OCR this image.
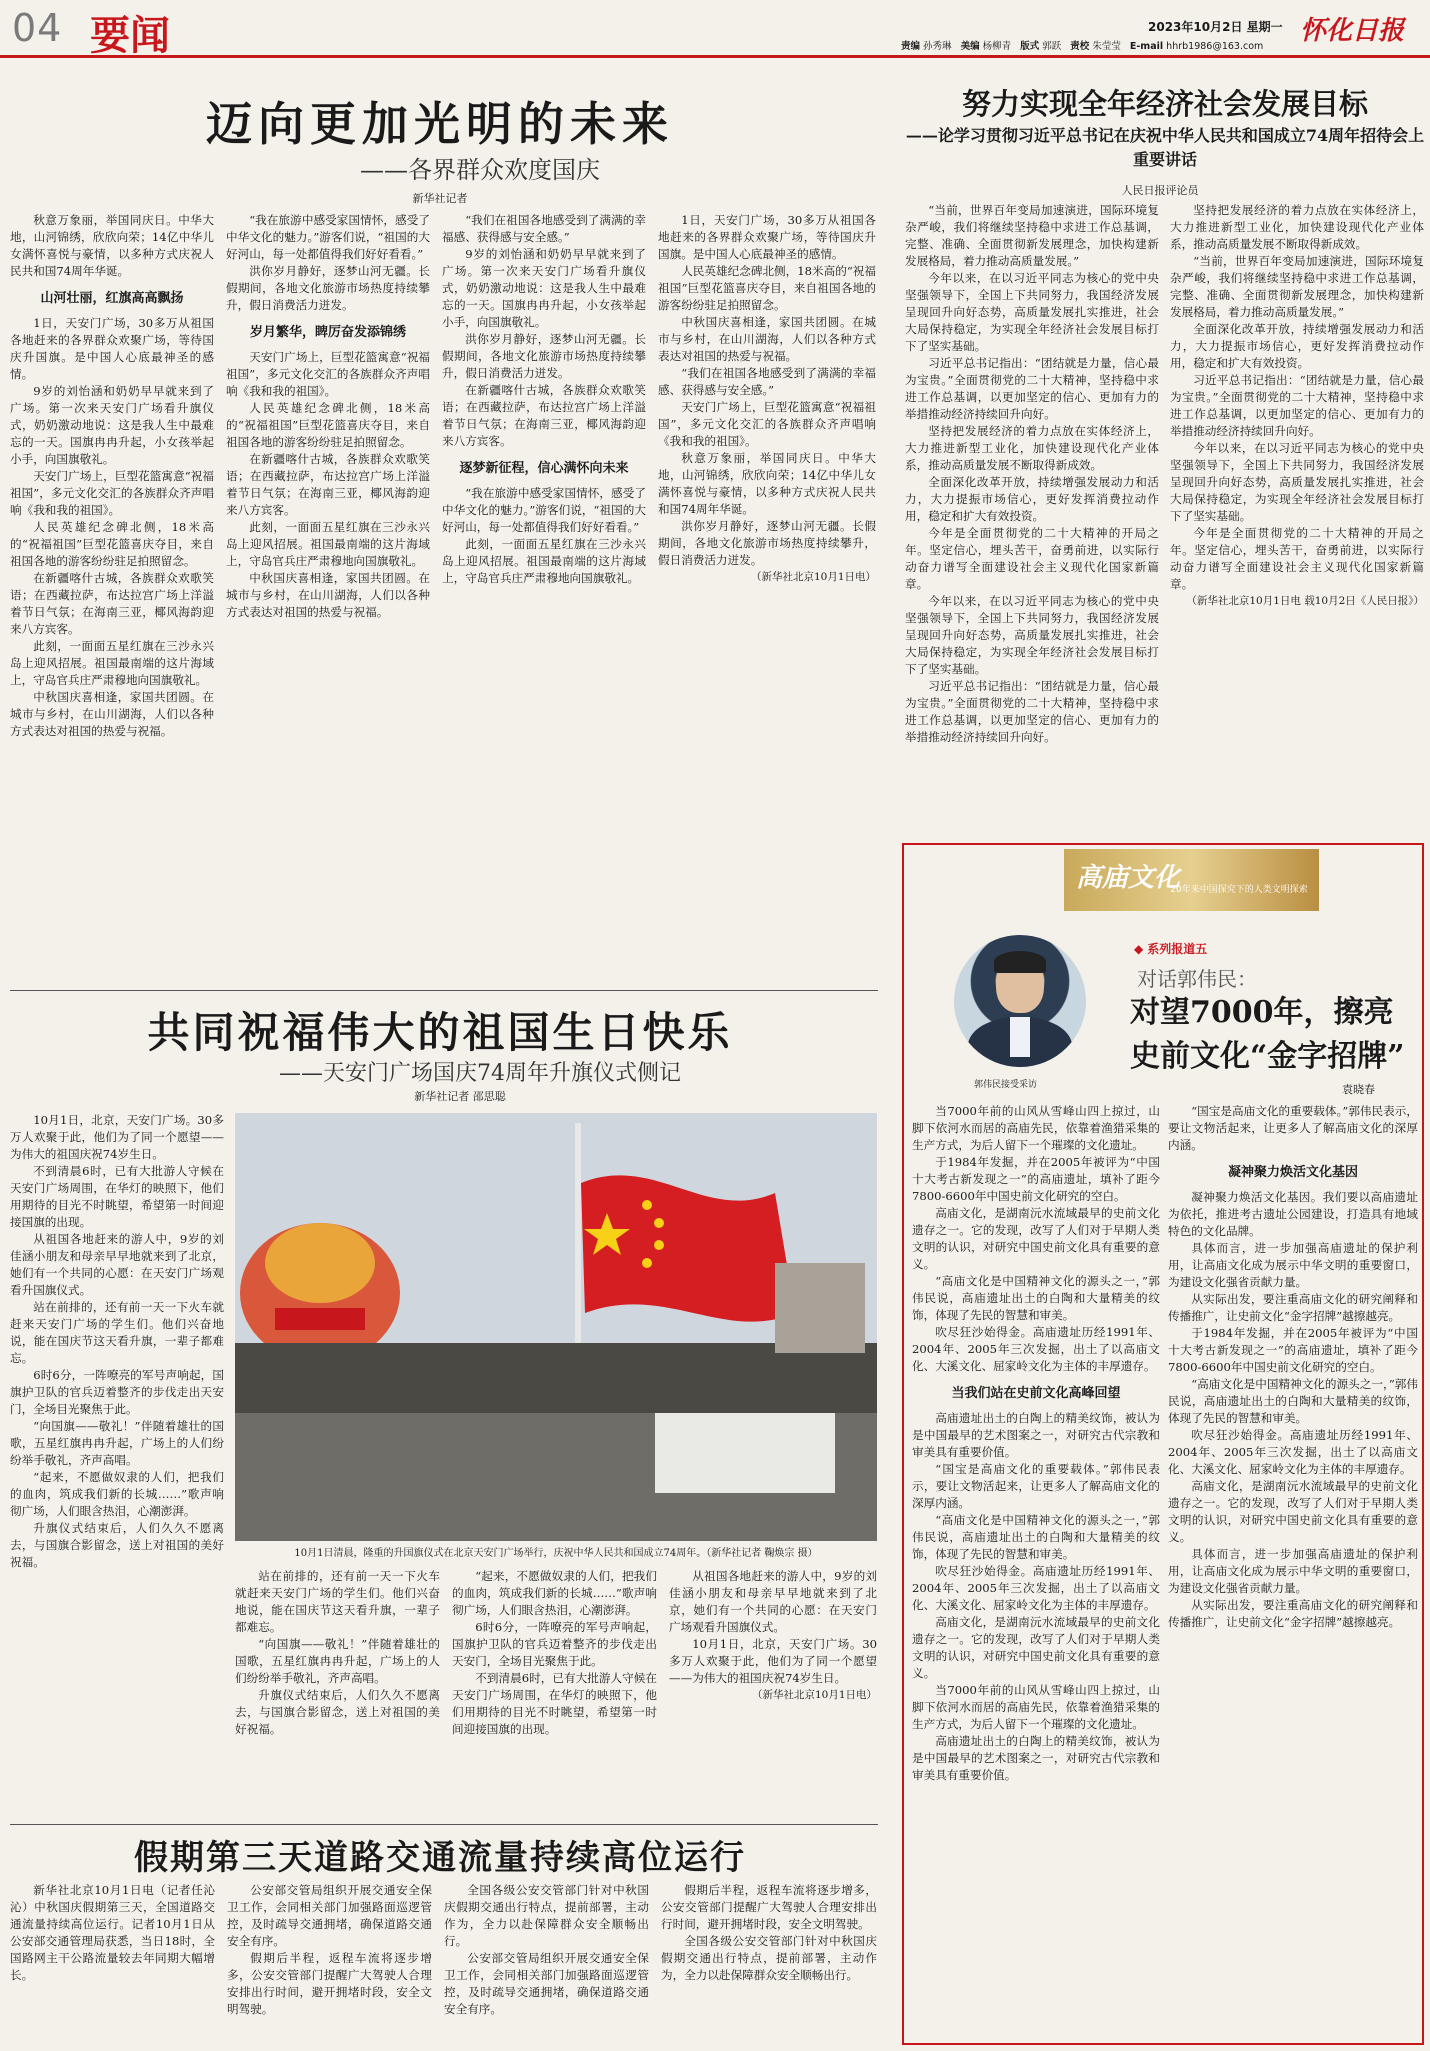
04 要闻	2023年10月2日 星期一 怀化日报
责编 孙秀琳 美编 杨柳青 版式 郭跃 责校 朱莹莹 E-mail hhrb1986@163.com
迈向更加光明的未来
——各界群众欢度国庆
新华社记者

秋意万象丽，举国同庆日。中华大地，山河锦绣，欣欣向荣；14亿中华儿女满怀喜悦与豪情，以多种方式庆祝人民共和国74周年华诞。

山河壮丽，红旗高高飘扬

1日，天安门广场，30多万从祖国各地赶来的各界群众欢聚广场，等待国庆升国旗。是中国人心底最神圣的感情。

9岁的刘怡涵和奶奶早早就来到了广场。第一次来天安门广场看升旗仪式，奶奶激动地说：这是我人生中最难忘的一天。国旗冉冉升起，小女孩举起小手，向国旗敬礼。

天安门广场上，巨型花篮寓意“祝福祖国”，多元文化交汇的各族群众齐声唱响《我和我的祖国》。

人民英雄纪念碑北侧，18米高的“祝福祖国”巨型花篮喜庆夺目，来自祖国各地的游客纷纷驻足拍照留念。

在新疆喀什古城，各族群众欢歌笑语；在西藏拉萨，布达拉宫广场上洋溢着节日气氛；在海南三亚，椰风海韵迎来八方宾客。

此刻，一面面五星红旗在三沙永兴岛上迎风招展。祖国最南端的这片海域上，守岛官兵庄严肃穆地向国旗敬礼。

中秋国庆喜相逢，家国共团圆。在城市与乡村，在山川湖海，人们以各种方式表达对祖国的热爱与祝福。

“我在旅游中感受家国情怀，感受了中华文化的魅力。”游客们说，“祖国的大好河山，每一处都值得我们好好看看。”

洪你岁月静好，逐梦山河无疆。长假期间，各地文化旅游市场热度持续攀升，假日消费活力迸发。

岁月繁华，睥厉奋发添锦绣

天安门广场上，巨型花篮寓意“祝福祖国”，多元文化交汇的各族群众齐声唱响《我和我的祖国》。

人民英雄纪念碑北侧，18米高的“祝福祖国”巨型花篮喜庆夺目，来自祖国各地的游客纷纷驻足拍照留念。

在新疆喀什古城，各族群众欢歌笑语；在西藏拉萨，布达拉宫广场上洋溢着节日气氛；在海南三亚，椰风海韵迎来八方宾客。

此刻，一面面五星红旗在三沙永兴岛上迎风招展。祖国最南端的这片海域上，守岛官兵庄严肃穆地向国旗敬礼。

中秋国庆喜相逢，家国共团圆。在城市与乡村，在山川湖海，人们以各种方式表达对祖国的热爱与祝福。

“我们在祖国各地感受到了满满的幸福感、获得感与安全感。”

9岁的刘怡涵和奶奶早早就来到了广场。第一次来天安门广场看升旗仪式，奶奶激动地说：这是我人生中最难忘的一天。国旗冉冉升起，小女孩举起小手，向国旗敬礼。

洪你岁月静好，逐梦山河无疆。长假期间，各地文化旅游市场热度持续攀升，假日消费活力迸发。

在新疆喀什古城，各族群众欢歌笑语；在西藏拉萨，布达拉宫广场上洋溢着节日气氛；在海南三亚，椰风海韵迎来八方宾客。

逐梦新征程，信心满怀向未来

“我在旅游中感受家国情怀，感受了中华文化的魅力。”游客们说，“祖国的大好河山，每一处都值得我们好好看看。”

此刻，一面面五星红旗在三沙永兴岛上迎风招展。祖国最南端的这片海域上，守岛官兵庄严肃穆地向国旗敬礼。

1日，天安门广场，30多万从祖国各地赶来的各界群众欢聚广场，等待国庆升国旗。是中国人心底最神圣的感情。

人民英雄纪念碑北侧，18米高的“祝福祖国”巨型花篮喜庆夺目，来自祖国各地的游客纷纷驻足拍照留念。

中秋国庆喜相逢，家国共团圆。在城市与乡村，在山川湖海，人们以各种方式表达对祖国的热爱与祝福。

“我们在祖国各地感受到了满满的幸福感、获得感与安全感。”

天安门广场上，巨型花篮寓意“祝福祖国”，多元文化交汇的各族群众齐声唱响《我和我的祖国》。

秋意万象丽，举国同庆日。中华大地，山河锦绣，欣欣向荣；14亿中华儿女满怀喜悦与豪情，以多种方式庆祝人民共和国74周年华诞。

洪你岁月静好，逐梦山河无疆。长假期间，各地文化旅游市场热度持续攀升，假日消费活力迸发。

（新华社北京10月1日电）
努力实现全年经济社会发展目标
——论学习贯彻习近平总书记在庆祝中华人民共和国成立74周年招待会上重要讲话
人民日报评论员

“当前，世界百年变局加速演进，国际环境复杂严峻，我们将继续坚持稳中求进工作总基调，完整、准确、全面贯彻新发展理念，加快构建新发展格局，着力推动高质量发展。”

今年以来，在以习近平同志为核心的党中央坚强领导下，全国上下共同努力，我国经济发展呈现回升向好态势，高质量发展扎实推进，社会大局保持稳定，为实现全年经济社会发展目标打下了坚实基础。

习近平总书记指出：“团结就是力量，信心最为宝贵。”全面贯彻党的二十大精神，坚持稳中求进工作总基调，以更加坚定的信心、更加有力的举措推动经济持续回升向好。

坚持把发展经济的着力点放在实体经济上，大力推进新型工业化，加快建设现代化产业体系，推动高质量发展不断取得新成效。

全面深化改革开放，持续增强发展动力和活力，大力提振市场信心，更好发挥消费拉动作用，稳定和扩大有效投资。

今年是全面贯彻党的二十大精神的开局之年。坚定信心，埋头苦干，奋勇前进，以实际行动奋力谱写全面建设社会主义现代化国家新篇章。

今年以来，在以习近平同志为核心的党中央坚强领导下，全国上下共同努力，我国经济发展呈现回升向好态势，高质量发展扎实推进，社会大局保持稳定，为实现全年经济社会发展目标打下了坚实基础。

习近平总书记指出：“团结就是力量，信心最为宝贵。”全面贯彻党的二十大精神，坚持稳中求进工作总基调，以更加坚定的信心、更加有力的举措推动经济持续回升向好。

坚持把发展经济的着力点放在实体经济上，大力推进新型工业化，加快建设现代化产业体系，推动高质量发展不断取得新成效。

“当前，世界百年变局加速演进，国际环境复杂严峻，我们将继续坚持稳中求进工作总基调，完整、准确、全面贯彻新发展理念，加快构建新发展格局，着力推动高质量发展。”

全面深化改革开放，持续增强发展动力和活力，大力提振市场信心，更好发挥消费拉动作用，稳定和扩大有效投资。

习近平总书记指出：“团结就是力量，信心最为宝贵。”全面贯彻党的二十大精神，坚持稳中求进工作总基调，以更加坚定的信心、更加有力的举措推动经济持续回升向好。

今年以来，在以习近平同志为核心的党中央坚强领导下，全国上下共同努力，我国经济发展呈现回升向好态势，高质量发展扎实推进，社会大局保持稳定，为实现全年经济社会发展目标打下了坚实基础。

今年是全面贯彻党的二十大精神的开局之年。坚定信心，埋头苦干，奋勇前进，以实际行动奋力谱写全面建设社会主义现代化国家新篇章。

（新华社北京10月1日电 载10月2日《人民日报》）
共同祝福伟大的祖国生日快乐
——天安门广场国庆74周年升旗仪式侧记
新华社记者 邵思聪

10月1日，北京，天安门广场。30多万人欢聚于此，他们为了同一个愿望——为伟大的祖国庆祝74岁生日。

不到清晨6时，已有大批游人守候在天安门广场周围，在华灯的映照下，他们用期待的目光不时眺望，希望第一时间迎接国旗的出现。

从祖国各地赶来的游人中，9岁的刘佳涵小朋友和母亲早早地就来到了北京，她们有一个共同的心愿：在天安门广场观看升国旗仪式。

站在前排的，还有前一天一下火车就赶来天安门广场的学生们。他们兴奋地说，能在国庆节这天看升旗，一辈子都难忘。

6时6分，一阵嘹亮的军号声响起，国旗护卫队的官兵迈着整齐的步伐走出天安门，全场目光聚焦于此。

“向国旗——敬礼！”伴随着雄壮的国歌，五星红旗冉冉升起，广场上的人们纷纷举手敬礼，齐声高唱。

“起来，不愿做奴隶的人们，把我们的血肉，筑成我们新的长城……”歌声响彻广场，人们眼含热泪，心潮澎湃。

升旗仪式结束后，人们久久不愿离去，与国旗合影留念，送上对祖国的美好祝福。

10月1日清晨，隆重的升国旗仪式在北京天安门广场举行，庆祝中华人民共和国成立74周年。（新华社记者 鞠焕宗 摄）

站在前排的，还有前一天一下火车就赶来天安门广场的学生们。他们兴奋地说，能在国庆节这天看升旗，一辈子都难忘。

“向国旗——敬礼！”伴随着雄壮的国歌，五星红旗冉冉升起，广场上的人们纷纷举手敬礼，齐声高唱。

升旗仪式结束后，人们久久不愿离去，与国旗合影留念，送上对祖国的美好祝福。

“起来，不愿做奴隶的人们，把我们的血肉，筑成我们新的长城……”歌声响彻广场，人们眼含热泪，心潮澎湃。

6时6分，一阵嘹亮的军号声响起，国旗护卫队的官兵迈着整齐的步伐走出天安门，全场目光聚焦于此。

不到清晨6时，已有大批游人守候在天安门广场周围，在华灯的映照下，他们用期待的目光不时眺望，希望第一时间迎接国旗的出现。

从祖国各地赶来的游人中，9岁的刘佳涵小朋友和母亲早早地就来到了北京，她们有一个共同的心愿：在天安门广场观看升国旗仪式。

10月1日，北京，天安门广场。30多万人欢聚于此，他们为了同一个愿望——为伟大的祖国庆祝74岁生日。

（新华社北京10月1日电）
假期第三天道路交通流量持续高位运行

新华社北京10月1日电（记者任沁沁）中秋国庆假期第三天，全国道路交通流量持续高位运行。记者10月1日从公安部交通管理局获悉，当日18时，全国路网主干公路流量较去年同期大幅增长。

公安部交管局组织开展交通安全保卫工作，会同相关部门加强路面巡逻管控，及时疏导交通拥堵，确保道路交通安全有序。

假期后半程，返程车流将逐步增多，公安交管部门提醒广大驾驶人合理安排出行时间，避开拥堵时段，安全文明驾驶。

全国各级公安交管部门针对中秋国庆假期交通出行特点，提前部署，主动作为，全力以赴保障群众安全顺畅出行。

公安部交管局组织开展交通安全保卫工作，会同相关部门加强路面巡逻管控，及时疏导交通拥堵，确保道路交通安全有序。

假期后半程，返程车流将逐步增多，公安交管部门提醒广大驾驶人合理安排出行时间，避开拥堵时段，安全文明驾驶。

全国各级公安交管部门针对中秋国庆假期交通出行特点，提前部署，主动作为，全力以赴保障群众安全顺畅出行。

高庙文化
20年来中国探究下的人类文明探索
郭伟民接受采访
◆ 系列报道五
对话郭伟民：
对望7000年，擦亮
史前文化“金字招牌”
袁晓春

当7000年前的山风从雪峰山四上掠过，山脚下依河水而居的高庙先民，依靠着渔猎采集的生产方式，为后人留下一个璀璨的文化遗址。

于1984年发掘，并在2005年被评为“中国十大考古新发现之一”的高庙遗址，填补了距今7800-6600年中国史前文化研究的空白。

高庙文化，是湖南沅水流域最早的史前文化遗存之一。它的发现，改写了人们对于早期人类文明的认识，对研究中国史前文化具有重要的意义。

“高庙文化是中国精神文化的源头之一，”郭伟民说，高庙遗址出土的白陶和大量精美的纹饰，体现了先民的智慧和审美。

吹尽狂沙始得金。高庙遗址历经1991年、2004年、2005年三次发掘，出土了以高庙文化、大溪文化、屈家岭文化为主体的丰厚遗存。

当我们站在史前文化高峰回望

高庙遗址出土的白陶上的精美纹饰，被认为是中国最早的艺术图案之一，对研究古代宗教和审美具有重要价值。

“国宝是高庙文化的重要载体。”郭伟民表示，要让文物活起来，让更多人了解高庙文化的深厚内涵。

“高庙文化是中国精神文化的源头之一，”郭伟民说，高庙遗址出土的白陶和大量精美的纹饰，体现了先民的智慧和审美。

吹尽狂沙始得金。高庙遗址历经1991年、2004年、2005年三次发掘，出土了以高庙文化、大溪文化、屈家岭文化为主体的丰厚遗存。

高庙文化，是湖南沅水流域最早的史前文化遗存之一。它的发现，改写了人们对于早期人类文明的认识，对研究中国史前文化具有重要的意义。

当7000年前的山风从雪峰山四上掠过，山脚下依河水而居的高庙先民，依靠着渔猎采集的生产方式，为后人留下一个璀璨的文化遗址。

高庙遗址出土的白陶上的精美纹饰，被认为是中国最早的艺术图案之一，对研究古代宗教和审美具有重要价值。

“国宝是高庙文化的重要载体。”郭伟民表示，要让文物活起来，让更多人了解高庙文化的深厚内涵。

凝神聚力焕活文化基因

凝神聚力焕活文化基因。我们要以高庙遗址为依托，推进考古遗址公园建设，打造具有地域特色的文化品牌。

具体而言，进一步加强高庙遗址的保护利用，让高庙文化成为展示中华文明的重要窗口，为建设文化强省贡献力量。

从实际出发，要注重高庙文化的研究阐释和传播推广，让史前文化“金字招牌”越擦越亮。

于1984年发掘，并在2005年被评为“中国十大考古新发现之一”的高庙遗址，填补了距今7800-6600年中国史前文化研究的空白。

“高庙文化是中国精神文化的源头之一，”郭伟民说，高庙遗址出土的白陶和大量精美的纹饰，体现了先民的智慧和审美。

吹尽狂沙始得金。高庙遗址历经1991年、2004年、2005年三次发掘，出土了以高庙文化、大溪文化、屈家岭文化为主体的丰厚遗存。

高庙文化，是湖南沅水流域最早的史前文化遗存之一。它的发现，改写了人们对于早期人类文明的认识，对研究中国史前文化具有重要的意义。

具体而言，进一步加强高庙遗址的保护利用，让高庙文化成为展示中华文明的重要窗口，为建设文化强省贡献力量。

从实际出发，要注重高庙文化的研究阐释和传播推广，让史前文化“金字招牌”越擦越亮。
